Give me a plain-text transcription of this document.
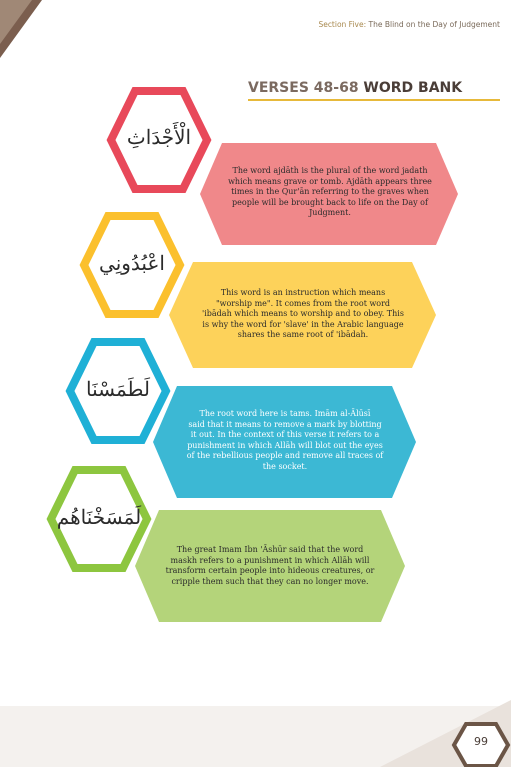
Section Five: The Blind on the Day of Judgement
VERSES 48-68 WORD BANK
الْأَجْدَاثِ
The word ajdāth is the plural of the word jadath
which means grave or tomb. Ajdāth appears three
times in the Qur'ān referring to the graves when
people will be brought back to life on the Day of
Judgment.
اعْبُدُونِي
This word is an instruction which means
"worship me". It comes from the root word
'ibādah which means to worship and to obey. This
is why the word for 'slave' in the Arabic language
shares the same root of 'ibādah.
لَطَمَسْنَا
The root word here is tams. Imām al-Ālūsī
said that it means to remove a mark by blotting
it out. In the context of this verse it refers to a
punishment in which Allāh will blot out the eyes
of the rebellious people and remove all traces of
the socket.
لَمَسَخْنَاهُم
The great Imam Ibn 'Āshūr said that the word
maskh refers to a punishment in which Allāh will
transform certain people into hideous creatures, or
cripple them such that they can no longer move.
99
